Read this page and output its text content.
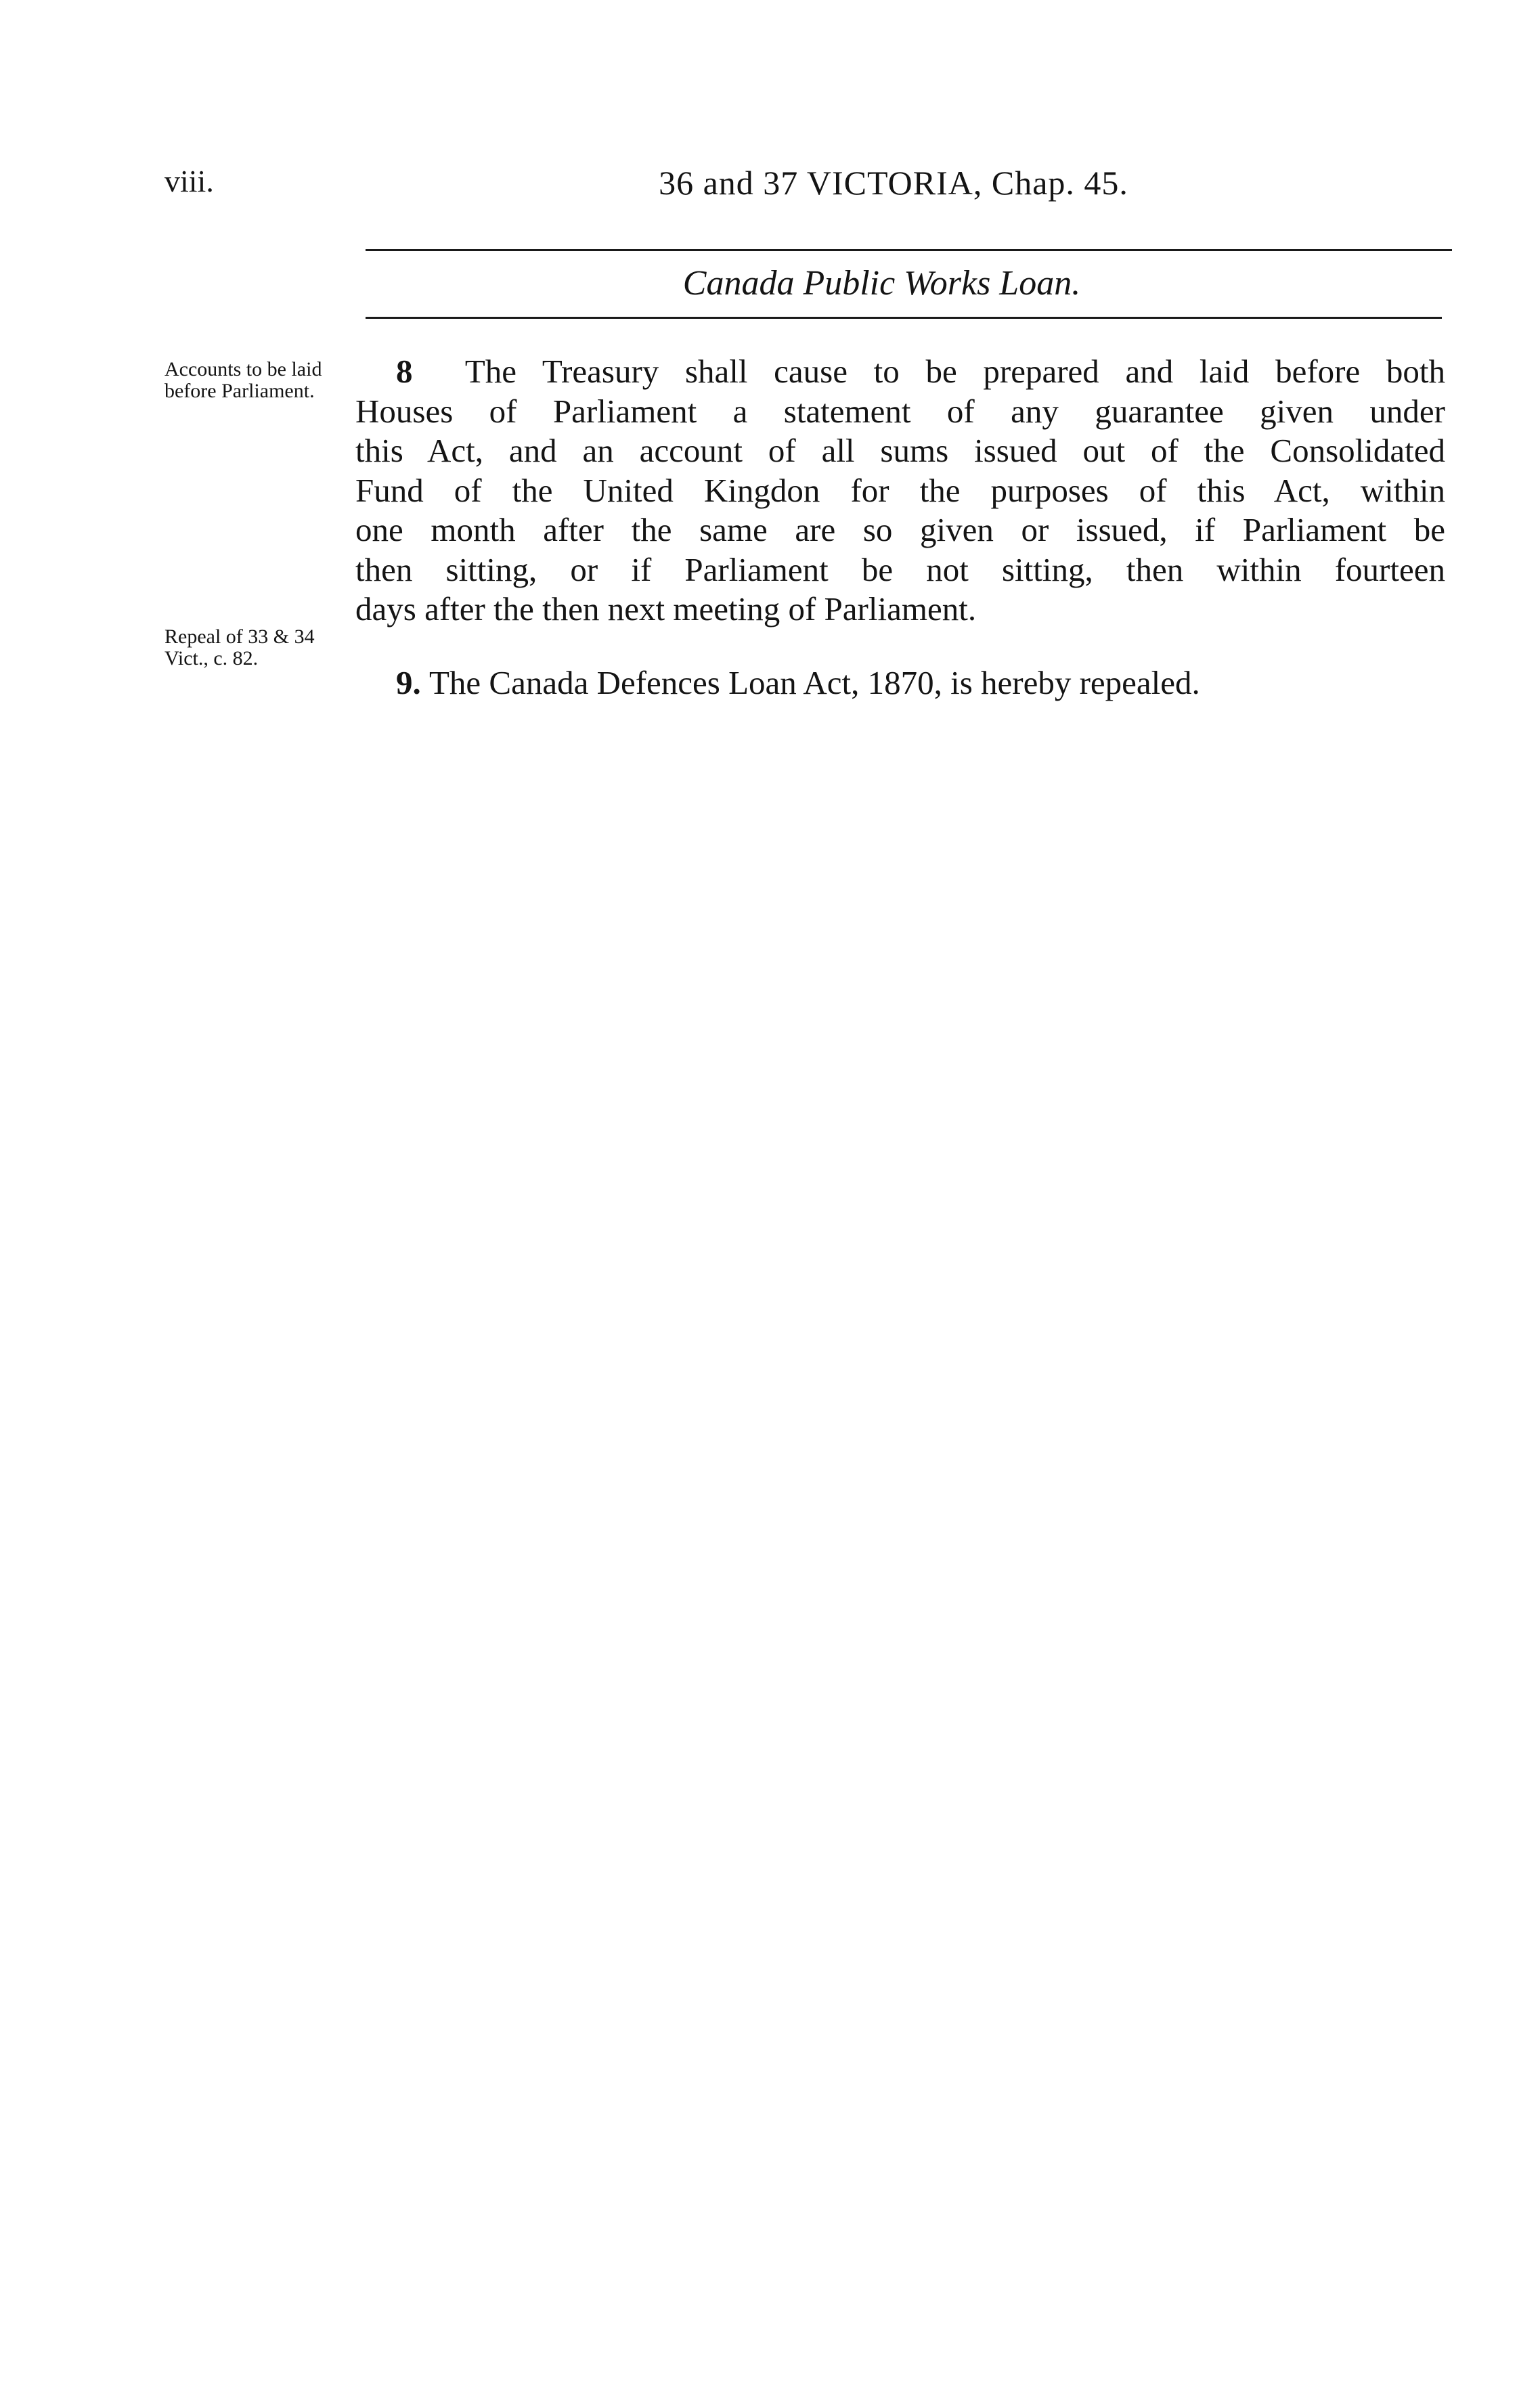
viii.	36 and 37 VICTORIA, Chap. 45.
Canada Public Works Loan.
Accounts to be laid before Parliament.
Repeal of 33 & 34 Vict., c. 82.
8 The Treasury shall cause to be prepared and laid before both
Houses of Parliament a statement of any guarantee given under
this Act, and an account of all sums issued out of the Consolidated
Fund of the United Kingdon for the purposes of this Act, within
one month after the same are so given or issued, if Parliament be
then sitting, or if Parliament be not sitting, then within fourteen
days after the then next meeting of Parliament.
9. The Canada Defences Loan Act, 1870, is hereby repealed.
